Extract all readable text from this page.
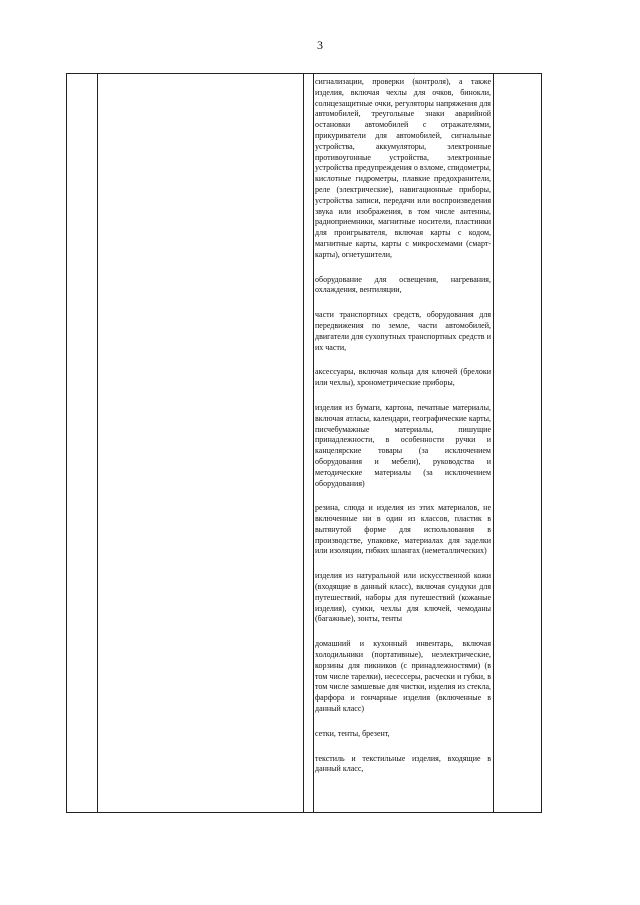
3

сигнализации, проверки (контроля), а также изделия, включая чехлы для очков, бинокли, солнцезащитные очки, регуляторы напряжения для автомобилей, треугольные знаки аварийной остановки автомобилей с отражателями, прикуриватели для автомобилей, сигнальные устройства, аккумуляторы, электронные противоугонные устройства, электронные устройства предупреждения о взломе, спидометры, кислотные гидрометры, плавкие предохранители, реле (электрические), навигационные приборы, устройства записи, передачи или воспроизведения звука или изображения, в том числе антенны, радиоприемники, магнитные носители, пластинки для проигрывателя, включая карты с кодом, магнитные карты, карты с микросхемами (смарт-карты), огнетушители,

оборудование для освещения, нагревания, охлаждения, вентиляции,

части транспортных средств, оборудования для передвижения по земле, части автомобилей, двигатели для сухопутных транспортных средств и их части,

аксессуары, включая кольца для ключей (брелоки или чехлы), хронометрические приборы,

изделия из бумаги, картона, печатные материалы, включая атласы, календари, географические карты, писчебумажные материалы, пишущие принадлежности, в особенности ручки и канцелярские товары (за исключением оборудования и мебели), руководства и методические материалы (за исключением оборудования)

резина, слюда и изделия из этих материалов, не включенные ни в один из классов, пластик в вытянутой форме для использования в производстве, упаковке, материалах для заделки или изоляции, гибких шлангах (неметаллических)

изделия из натуральной или искусственной кожи (входящие в данный класс), включая сундуки для путешествий, наборы для путешествий (кожаные изделия), сумки, чехлы для ключей, чемоданы (багажные), зонты, тенты

домашний и кухонный инвентарь, включая холодильники (портативные), неэлектрические, корзины для пикников (с принадлежностями) (в том числе тарелки), несессеры, расчески и губки, в том числе замшевые для чистки, изделия из стекла, фарфора и гончарные изделия (включенные в данный класс)

сетки, тенты, брезент,

текстиль и текстильные изделия, входящие в данный класс,
